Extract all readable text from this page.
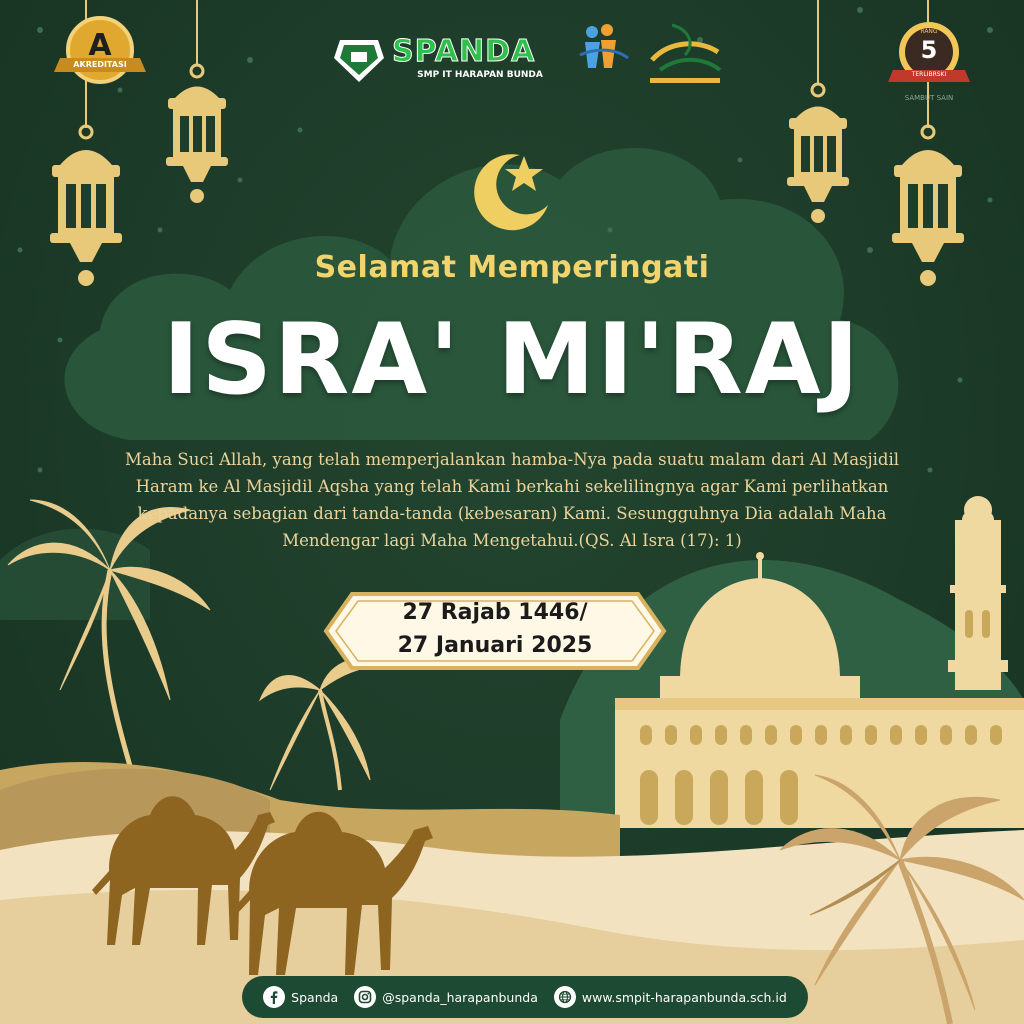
A
AKREDITASI
RANG
5
TERLIBRSKI
SAMBUT SAIN
SPANDA
SMP IT HARAPAN BUNDA
Selamat Memperingati
ISRA' MI'RAJ
Maha Suci Allah, yang telah memperjalankan hamba-Nya pada suatu malam dari Al Masjidil Haram ke Al Masjidil Aqsha yang telah Kami berkahi sekelilingnya agar Kami perlihatkan kepadanya sebagian dari tanda-tanda (kebesaran) Kami. Sesungguhnya Dia adalah Maha Mendengar lagi Maha Mengetahui.(QS. Al Isra (17): 1)
27 Rajab 1446/
27 Januari 2025
Spanda	@spanda_harapanbunda	www.smpit-harapanbunda.sch.id
